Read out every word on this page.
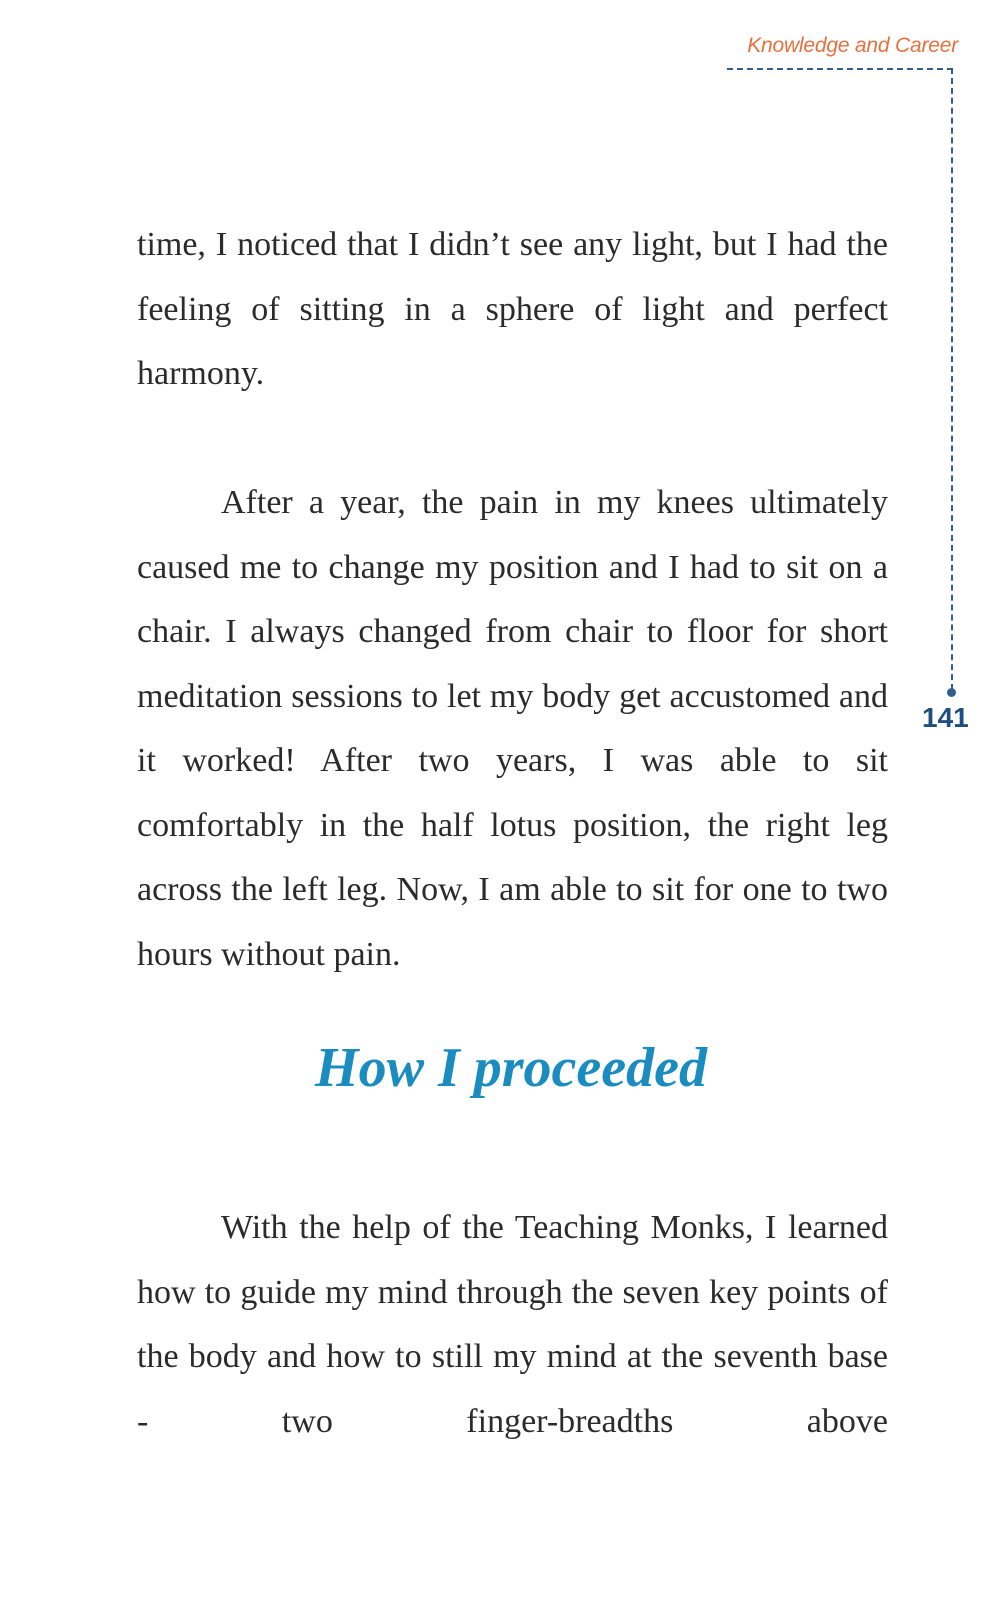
Knowledge and Career
141

time, I noticed that I didn’t see any light, but I had the feeling of sitting in a sphere of light and perfect harmony.

After a year, the pain in my knees ultimately caused me to change my position and I had to sit on a chair. I always changed from chair to floor for short meditation sessions to let my body get accustomed and it worked! After two years, I was able to sit comfortably in the half lotus position, the right leg across the left leg. Now, I am able to sit for one to two hours without pain.

How I proceeded

With the help of the Teaching Monks, I learned how to guide my mind through the seven key points of the body and how to still my mind at the seventh base - two finger-breadths above
